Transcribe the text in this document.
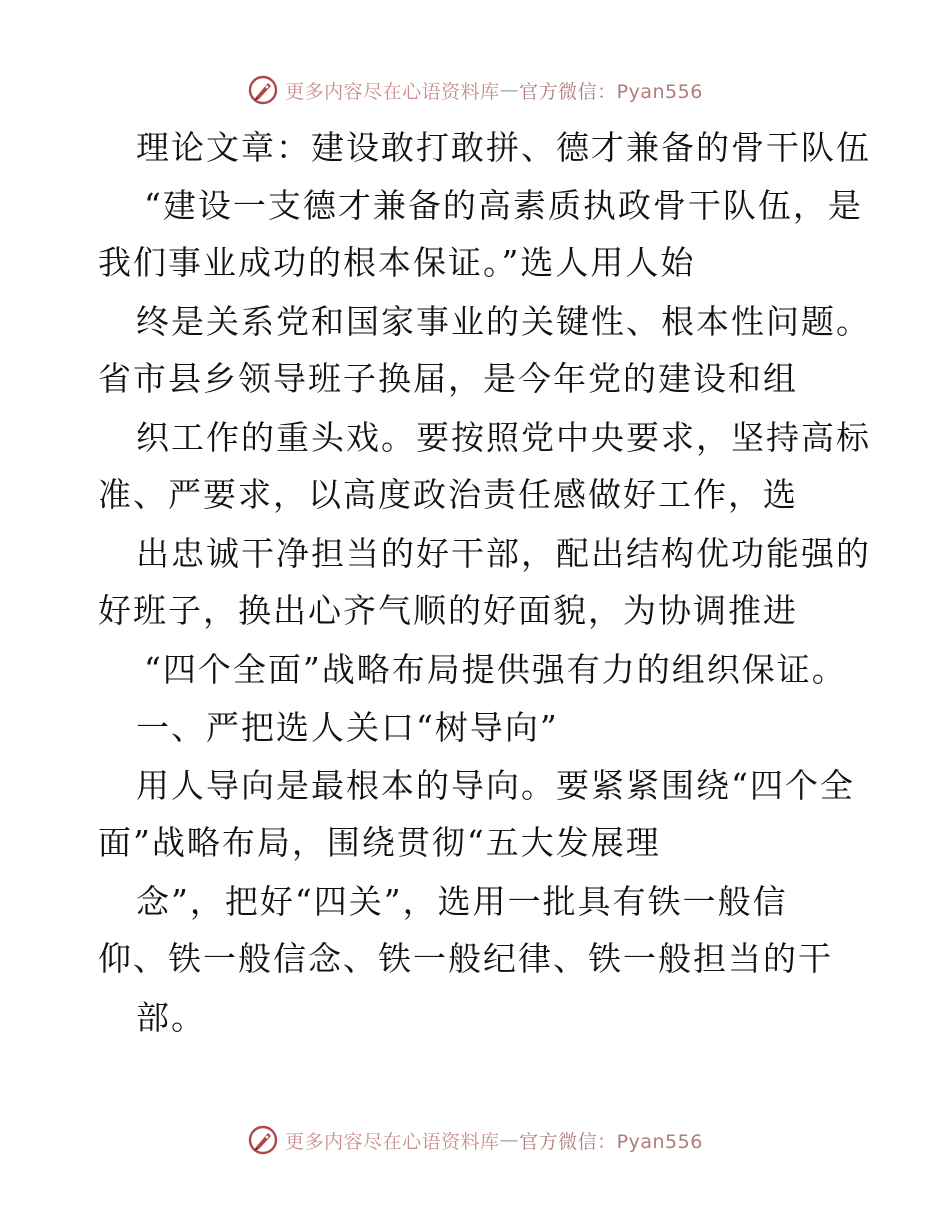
更多内容尽在心语资料库 — 官方微信：Pyan556
理论文章：建设敢打敢拼、德才兼备的骨干队伍
“建设一支德才兼备的高素质执政骨干队伍，是
我们事业成功的根本保证。”选人用人始
终是关系党和国家事业的关键性、根本性问题。
省市县乡领导班子换届，是今年党的建设和组
织工作的重头戏。要按照党中央要求，坚持高标
准、严要求，以高度政治责任感做好工作，选
出忠诚干净担当的好干部，配出结构优功能强的
好班子，换出心齐气顺的好面貌，为协调推进
“四个全面”战略布局提供强有力的组织保证。
一、严把选人关口“树导向”
用人导向是最根本的导向。要紧紧围绕“四个全
面”战略布局，围绕贯彻“五大发展理
念”，把好“四关”，选用一批具有铁一般信
仰、铁一般信念、铁一般纪律、铁一般担当的干
部。
更多内容尽在心语资料库 — 官方微信：Pyan556
